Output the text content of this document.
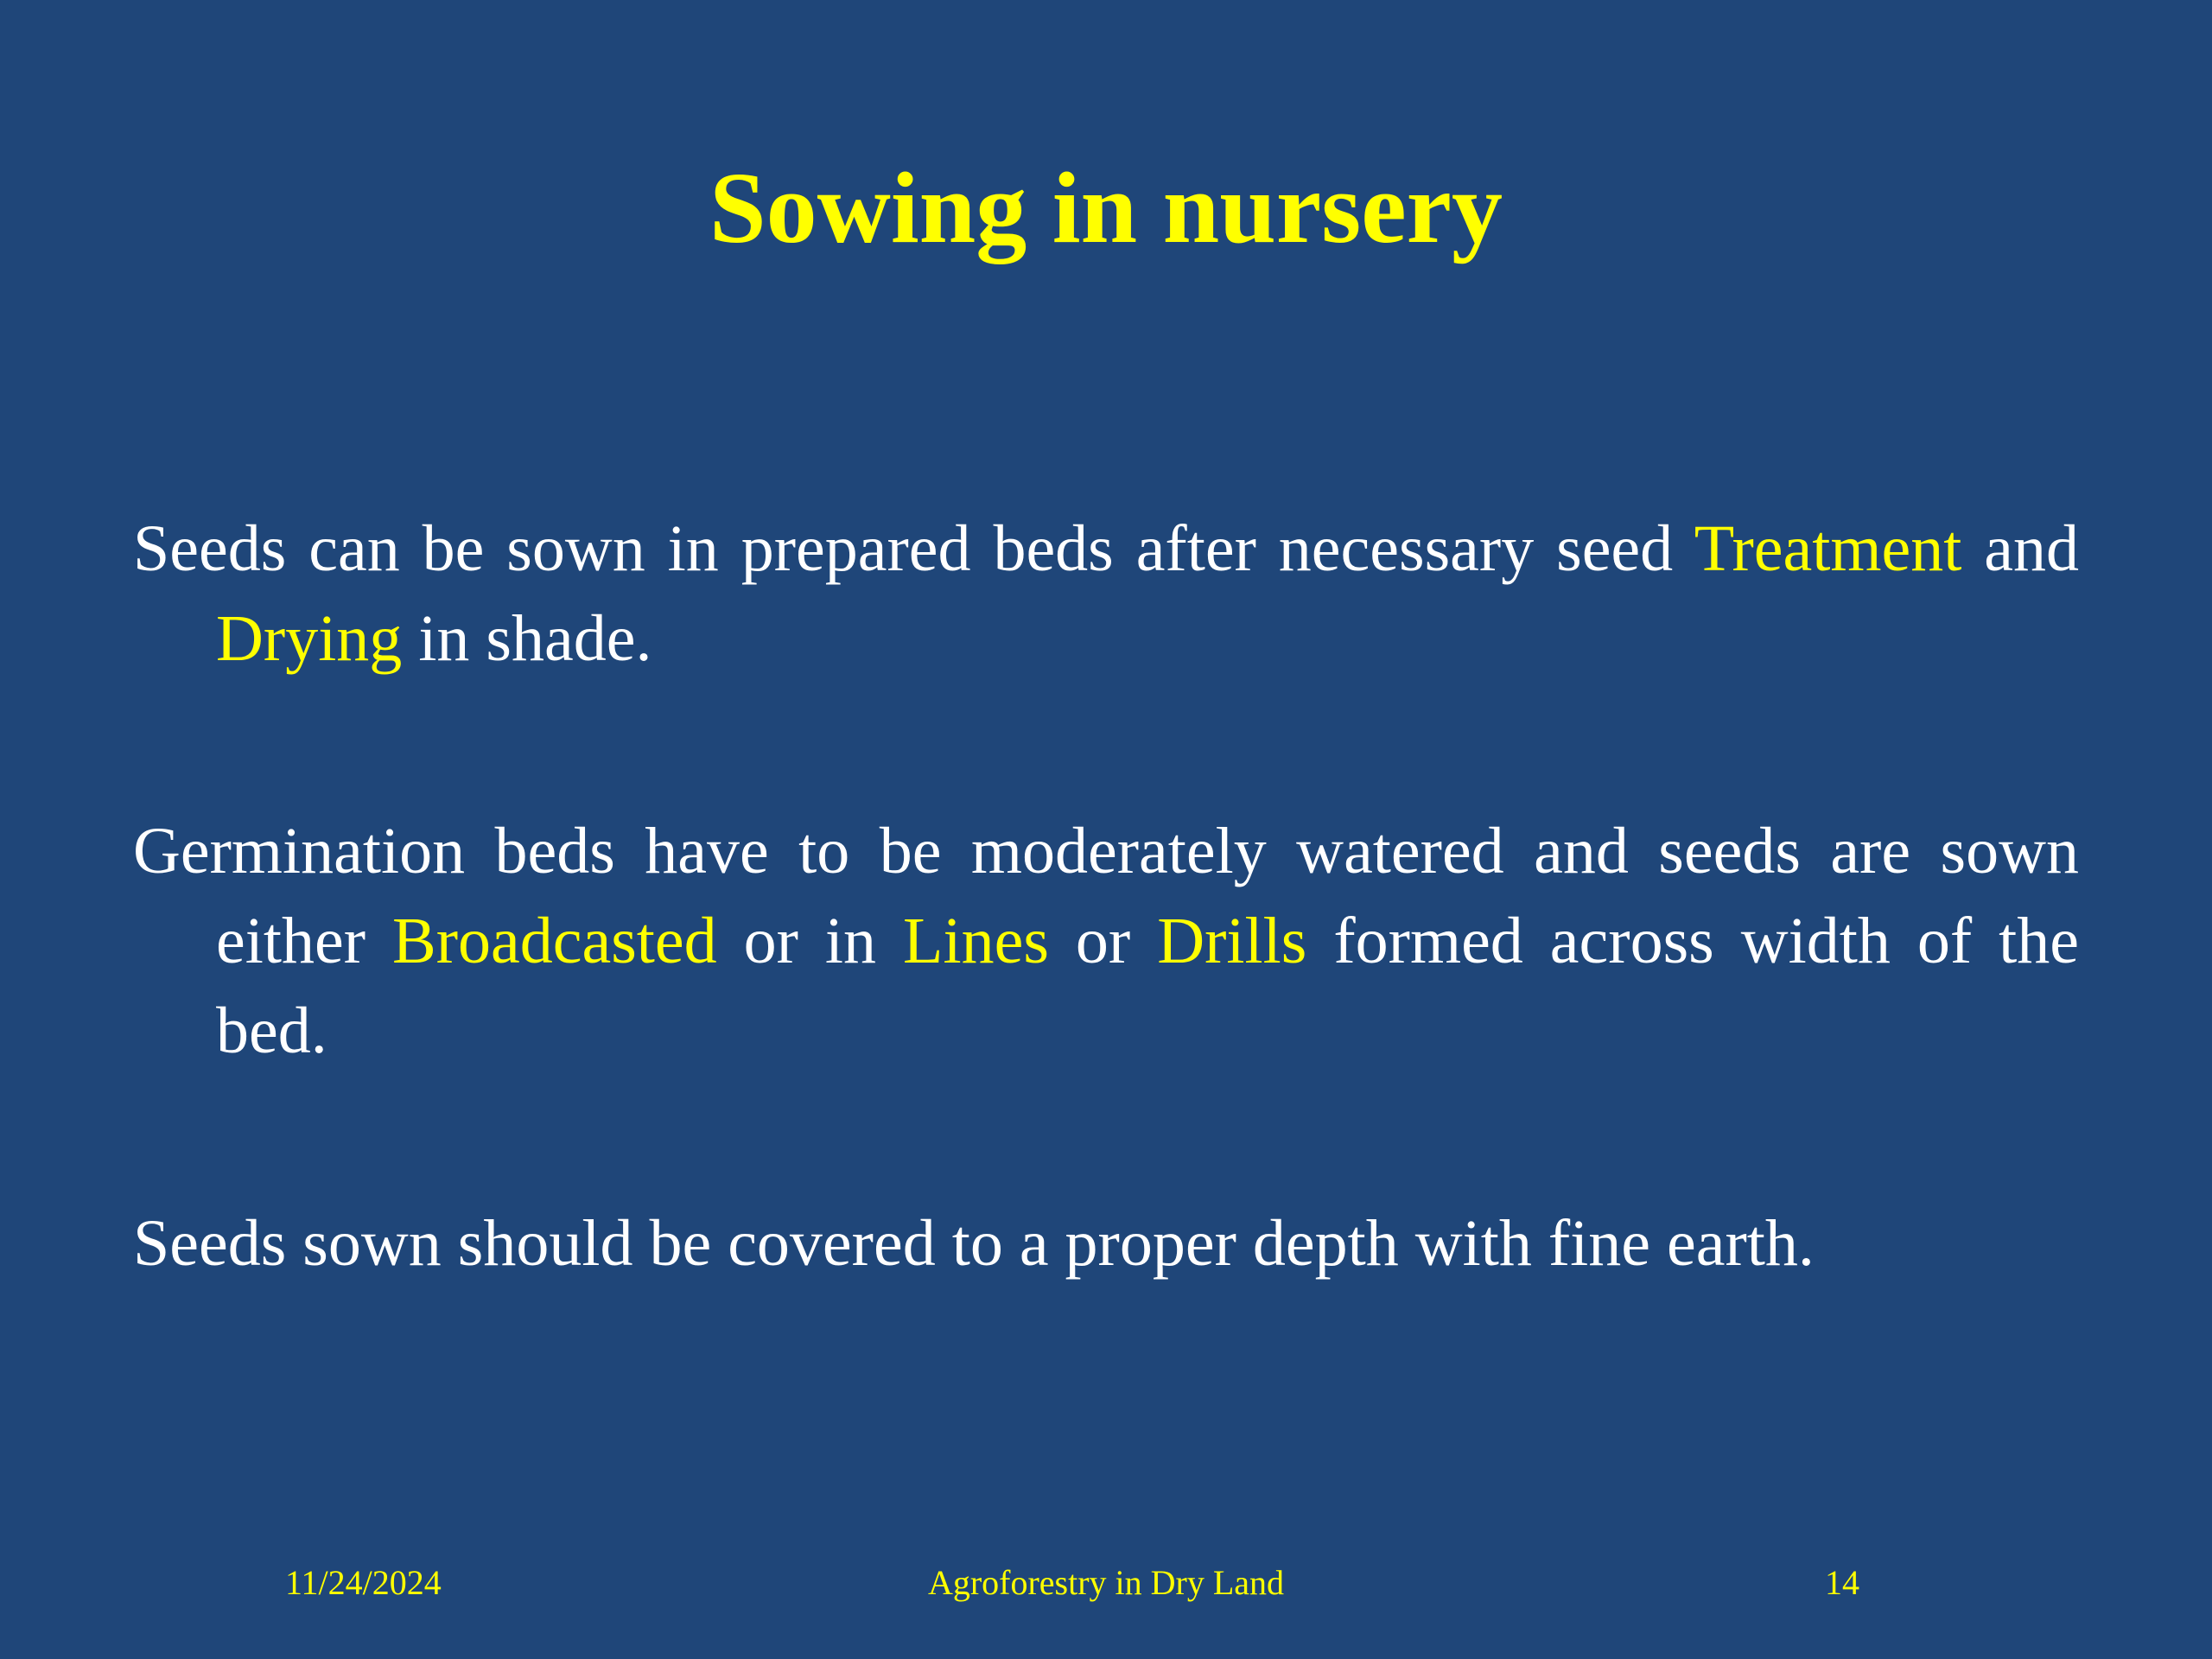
Sowing in nursery

Seeds can be sown in prepared beds after necessary seed Treatment and Drying in shade.

Germination beds have to be moderately watered and seeds are sown either Broadcasted or in Lines or Drills formed across width of the bed.

Seeds sown should be covered to a proper depth with fine earth.

11/24/2024	Agroforestry in Dry Land	14
